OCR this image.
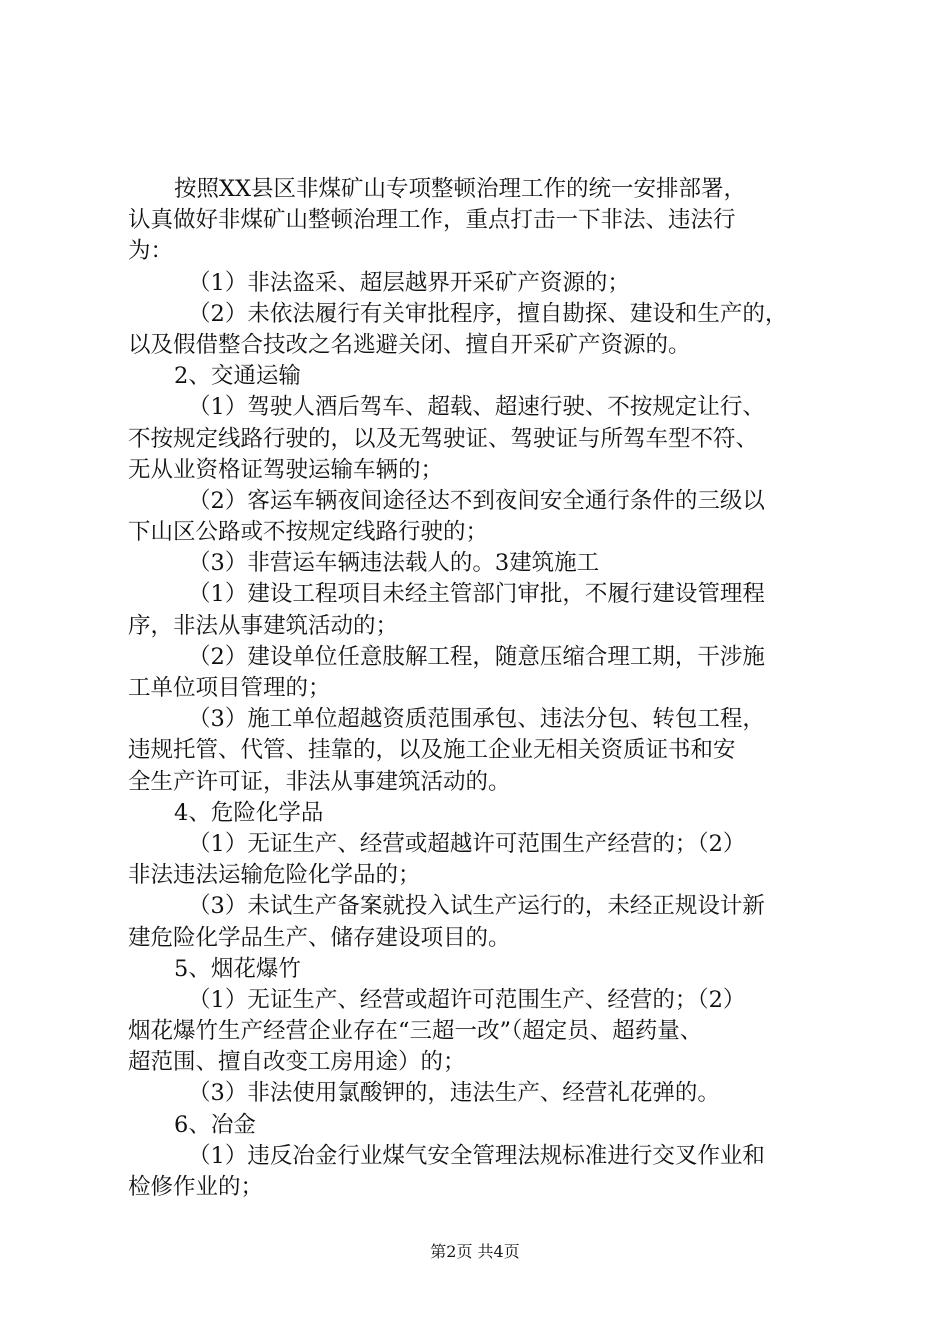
按照XX县区非煤矿山专项整顿治理工作的统一安排部署，
认真做好非煤矿山整顿治理工作，重点打击一下非法、违法行
为：
（1）非法盗采、超层越界开采矿产资源的；
（2）未依法履行有关审批程序，擅自勘探、建设和生产的，
以及假借整合技改之名逃避关闭、擅自开采矿产资源的。
2、交通运输
（1）驾驶人酒后驾车、超载、超速行驶、不按规定让行、
不按规定线路行驶的，以及无驾驶证、驾驶证与所驾车型不符、
无从业资格证驾驶运输车辆的；
（2）客运车辆夜间途径达不到夜间安全通行条件的三级以
下山区公路或不按规定线路行驶的；
（3）非营运车辆违法载人的。3建筑施工
（1）建设工程项目未经主管部门审批，不履行建设管理程
序，非法从事建筑活动的；
（2）建设单位任意肢解工程，随意压缩合理工期，干涉施
工单位项目管理的；
（3）施工单位超越资质范围承包、违法分包、转包工程，
违规托管、代管、挂靠的，以及施工企业无相关资质证书和安
全生产许可证，非法从事建筑活动的。
4、危险化学品
（1）无证生产、经营或超越许可范围生产经营的；（2）
非法违法运输危险化学品的；
（3）未试生产备案就投入试生产运行的，未经正规设计新
建危险化学品生产、储存建设项目的。
5、烟花爆竹
（1）无证生产、经营或超许可范围生产、经营的；（2）
烟花爆竹生产经营企业存在“三超一改”（超定员、超药量、
超范围、擅自改变工房用途）的；
（3）非法使用氯酸钾的，违法生产、经营礼花弹的。
6、冶金
（1）违反冶金行业煤气安全管理法规标准进行交叉作业和
检修作业的；
第2页 共4页
